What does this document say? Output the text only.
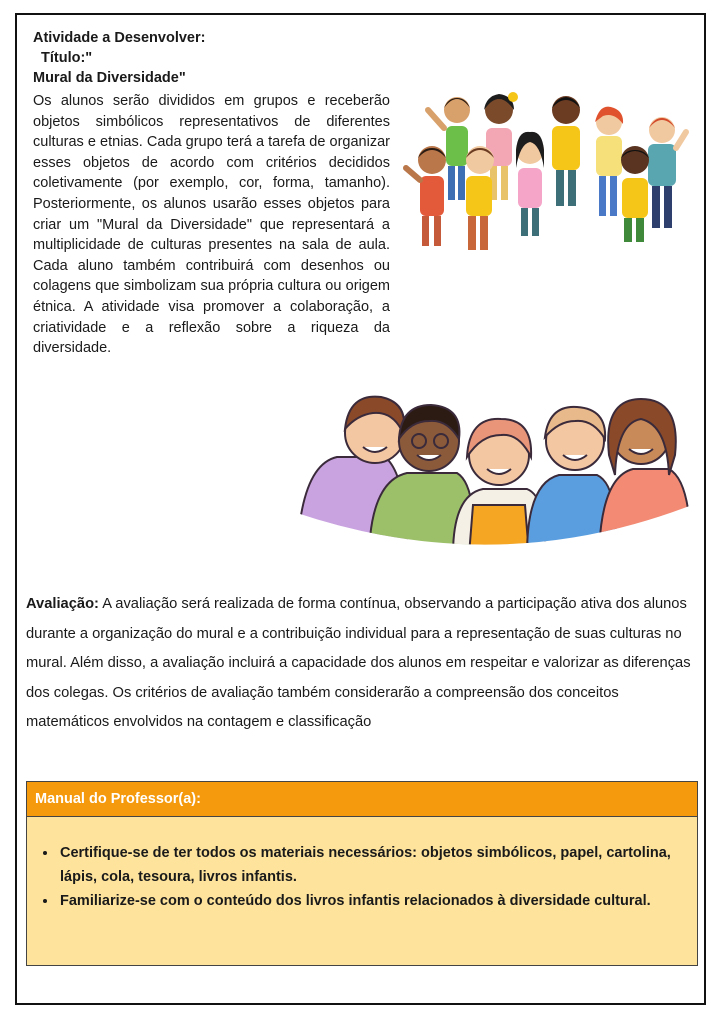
Atividade a Desenvolver:
Título:"
Mural da Diversidade"
Os alunos serão divididos em grupos e receberão objetos simbólicos representativos de diferentes culturas e etnias. Cada grupo terá a tarefa de organizar esses objetos de acordo com critérios decididos coletivamente (por exemplo, cor, forma, tamanho). Posteriormente, os alunos usarão esses objetos para criar um "Mural da Diversidade" que representará a multiplicidade de culturas presentes na sala de aula. Cada aluno também contribuirá com desenhos ou colagens que simbolizam sua própria cultura ou origem étnica. A atividade visa promover a colaboração, a criatividade e a reflexão sobre a riqueza da diversidade.
Avaliação: A avaliação será realizada de forma contínua, observando a participação ativa dos alunos durante a organização do mural e a contribuição individual para a representação de suas culturas no mural. Além disso, a avaliação incluirá a capacidade dos alunos em respeitar e valorizar as diferenças dos colegas. Os critérios de avaliação também considerarão a compreensão dos conceitos matemáticos envolvidos na contagem e classificação
Manual do Professor(a):
• Certifique-se de ter todos os materiais necessários: objetos simbólicos, papel, cartolina, lápis, cola, tesoura, livros infantis.
• Familiarize-se com o conteúdo dos livros infantis relacionados à diversidade cultural.
